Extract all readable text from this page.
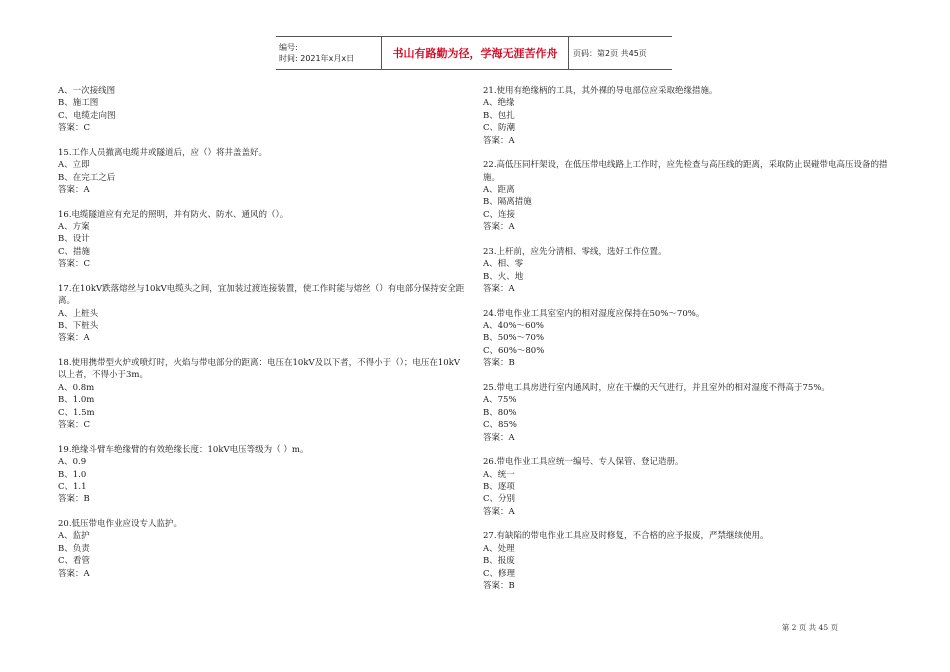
编号:
时间: 2021年x月x日	书山有路勤为径，学海无涯苦作舟 页码：第2页 共45页
A、一次接线图
B、施工图
C、电缆走向图
答案：C
15.工作人员撤离电缆井或隧道后，应（）将井盖盖好。
A、立即
B、在完工之后
答案：A
16.电缆隧道应有充足的照明，并有防火、防水、通风的（）。
A、方案
B、设计
C、措施
答案：C
17.在10kV跌落熔丝与10kV电缆头之间，宜加装过渡连接装置，使工作时能与熔丝（）有电部分保持安全距离。
A、上桩头
B、下桩头
答案：A
18.使用携带型火炉或喷灯时，火焰与带电部分的距离：电压在10kV及以下者，不得小于（）；电压在10kV以上者，不得小于3m。
A、0.8m
B、1.0m
C、1.5m
答案：C
19.绝缘斗臂车绝缘臂的有效绝缘长度：10kV电压等级为（ ）m。
A、0.9
B、1.0
C、1.1
答案：B
20.低压带电作业应设专人监护。
A、监护
B、负责
C、看管
答案：A
21.使用有绝缘柄的工具，其外裸的导电部位应采取绝缘措施。
A、绝缘
B、包扎
C、防潮
答案：A
22.高低压同杆架设，在低压带电线路上工作时，应先检查与高压线的距离，采取防止误碰带电高压设备的措施。
A、距离
B、隔离措施
C、连接
答案：A
23.上杆前，应先分清相、零线，选好工作位置。
A、相、零
B、火、地
答案：A
24.带电作业工具室室内的相对湿度应保持在50%～70%。
A、40%～60%
B、50%～70%
C、60%～80%
答案：B
25.带电工具房进行室内通风时，应在干燥的天气进行，并且室外的相对湿度不得高于75%。
A、75%
B、80%
C、85%
答案：A
26.带电作业工具应统一编号、专人保管、登记造册。
A、统一
B、逐项
C、分别
答案：A
27.有缺陷的带电作业工具应及时修复，不合格的应予报废，严禁继续使用。
A、处理
B、报废
C、修理
答案：B
第 2 页 共 45 页
